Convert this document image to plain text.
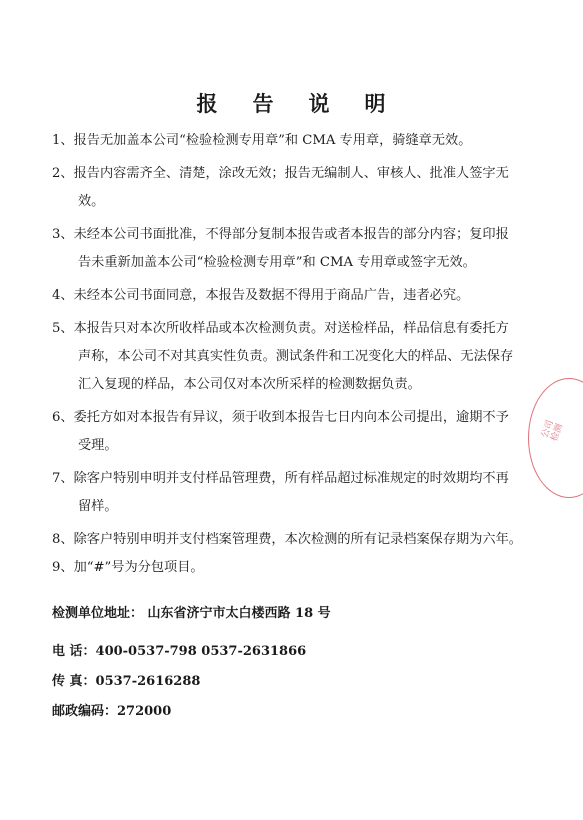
报 告 说 明

1、报告无加盖本公司“检验检测专用章”和 CMA 专用章，骑缝章无效。

2、报告内容需齐全、清楚，涂改无效；报告无编制人、审核人、批准人签字无
效。

3、未经本公司书面批准，不得部分复制本报告或者本报告的部分内容；复印报
告未重新加盖本公司“检验检测专用章”和 CMA 专用章或签字无效。

4、未经本公司书面同意，本报告及数据不得用于商品广告，违者必究。

5、本报告只对本次所收样品或本次检测负责。对送检样品，样品信息有委托方
声称，本公司不对其真实性负责。测试条件和工况变化大的样品、无法保存
汇入复现的样品，本公司仅对本次所采样的检测数据负责。

6、委托方如对本报告有异议，须于收到本报告七日内向本公司提出，逾期不予
受理。

7、除客户特别申明并支付样品管理费，所有样品超过标准规定的时效期均不再
留样。

8、除客户特别申明并支付档案管理费，本次检测的所有记录档案保存期为六年。

9、加“#”号为分包项目。

检测单位地址： 山东省济宁市太白楼西路 18 号
电 话：400-0537-798 0537-2631866
传 真：0537-2616288
邮政编码：272000
公司 检测
